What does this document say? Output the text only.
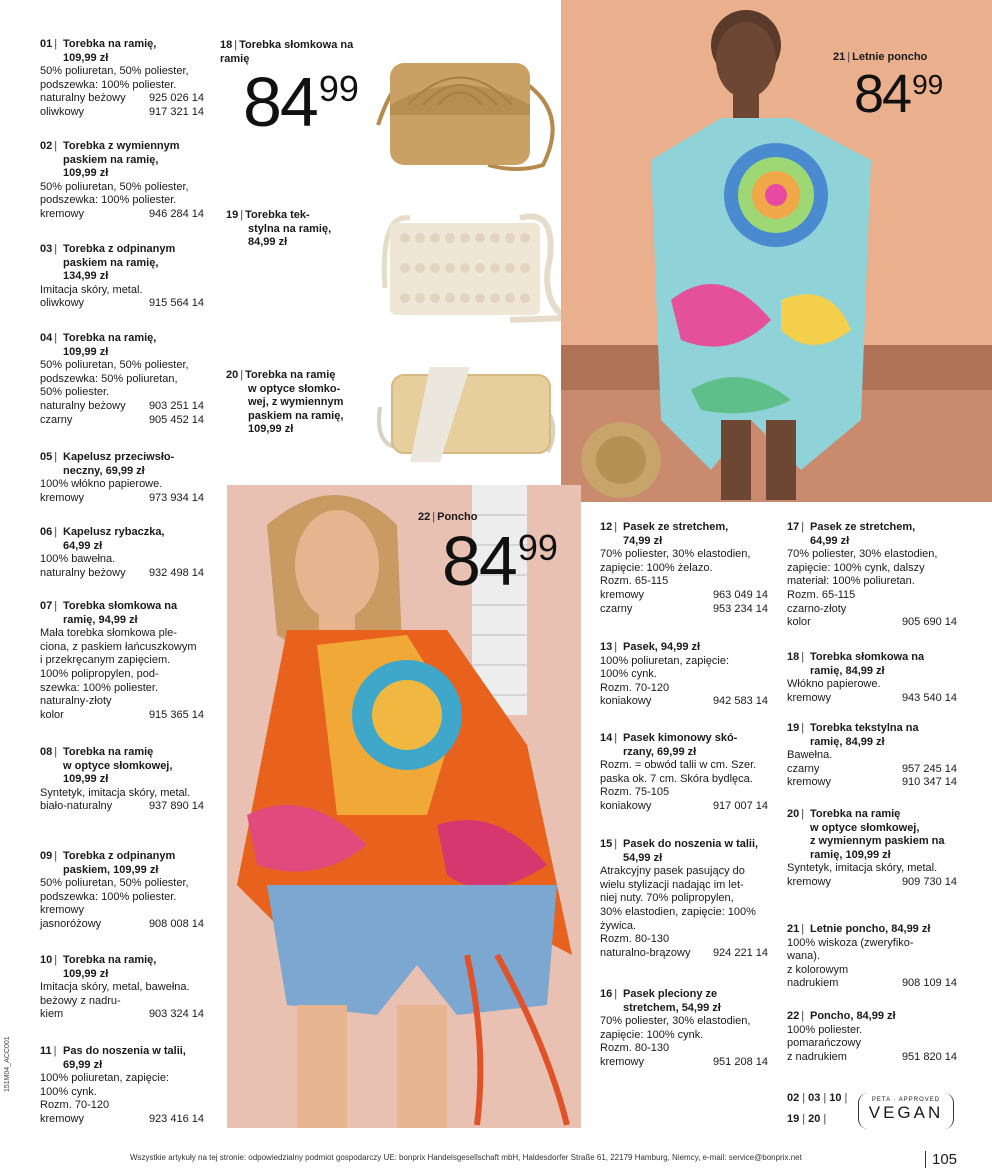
01 | Torebka na ramię,
109,99 zł
50% poliuretan, 50% poliester,
podszewka: 100% poliester.
naturalny beżowy	925 026 14
oliwkowy	917 321 14
02 | Torebka z wymiennym
paskiem na ramię,
109,99 zł
50% poliuretan, 50% poliester,
podszewka: 100% poliester.
kremowy	946 284 14
03 | Torebka z odpinanym
paskiem na ramię,
134,99 zł
Imitacja skóry, metal.
oliwkowy	915 564 14
04 | Torebka na ramię,
109,99 zł
50% poliuretan, 50% poliester,
podszewka: 50% poliuretan,
50% poliester.
naturalny beżowy	903 251 14
czarny	905 452 14
05 | Kapelusz przeciwsło-
neczny, 69,99 zł
100% włókno papierowe.
kremowy	973 934 14
06 | Kapelusz rybaczka,
64,99 zł
100% bawełna.
naturalny beżowy	932 498 14
07 | Torebka słomkowa na
ramię, 94,99 zł
Mała torebka słomkowa ple-
ciona, z paskiem łańcuszkowym
i przekręcanym zapięciem.
100% polipropylen, pod-
szewka: 100% poliester.
naturalny-złoty
kolor	915 365 14
08 | Torebka na ramię
w optyce słomkowej,
109,99 zł
Syntetyk, imitacja skóry, metal.

biało-naturalny	937 890 14
09 | Torebka z odpinanym
paskiem, 109,99 zł
50% poliuretan, 50% poliester,
podszewka: 100% poliester.
kremowy
jasnoróżowy	908 008 14
10 | Torebka na ramię,
109,99 zł
Imitacja skóry, metal, bawełna.
beżowy z nadru-
kiem	903 324 14
11 |	Pas do noszenia w talii,
69,99 zł
100% poliuretan, zapięcie:
100% cynk.
Rozm. 70-120
kremowy	923 416 14
12 | Pasek ze stretchem,
74,99 zł
70% poliester, 30% elastodien,
zapięcie: 100% żelazo.
Rozm. 65-115
kremowy	963 049 14
czarny	953 234 14
13 | Pasek, 94,99 zł
100% poliuretan, zapięcie:
100% cynk.
Rozm. 70-120
koniakowy	942 583 14
14 | Pasek kimonowy skó-
rzany, 69,99 zł
Rozm. = obwód talii w cm. Szer.
paska ok. 7 cm. Skóra bydlęca.
Rozm. 75-105
koniakowy	917 007 14
15 | Pasek do noszenia w talii,
54,99 zł
Atrakcyjny pasek pasujący do
wielu stylizacji nadając im let-
niej nuty. 70% polipropylen,
30% elastodien, zapięcie: 100%
żywica.
Rozm. 80-130
naturalno-brązowy	924 221 14
16 | Pasek pleciony ze
stretchem, 54,99 zł
70% poliester, 30% elastodien,
zapięcie: 100% cynk.
Rozm. 80-130
kremowy	951 208 14
17 | Pasek ze stretchem,
64,99 zł
70% poliester, 30% elastodien,
zapięcie: 100% cynk, dalszy
materiał: 100% poliuretan.
Rozm. 65-115
czarno-złoty
kolor	905 690 14
18 | Torebka słomkowa na
ramię, 84,99 zł
Włókno papierowe.
kremowy	943 540 14
19 | Torebka tekstylna na
ramię, 84,99 zł
Bawełna.
czarny	957 245 14
kremowy	910 347 14
20 | Torebka na ramię
w optyce słomkowej,
z wymiennym paskiem na
ramię, 109,99 zł
Syntetyk, imitacja skóry, metal.

kremowy	909 730 14
21 | Letnie poncho, 84,99 zł
100% wiskoza (zweryfiko-
wana).
z kolorowym
nadrukiem	908 109 14
22 | Poncho, 84,99 zł
100% poliester.
pomarańczowy
z nadrukiem	951 820 14
18 | Torebka słomkowa na
ramię
8499
19 | Torebka tek-
stylna na ramię,
84,99 zł
20 | Torebka na ramię
w optyce słomko-
wej, z wymiennym
paskiem na ramię,
109,99 zł
21 | Letnie poncho
8499
22 | Poncho
8499
02 | 03 | 10 |
19 | 20 |
PETA · APPROVED
VEGAN
151M04_ACC001
Wszystkie artykuły na tej stronie: odpowiedzialny podmiot gospodarczy UE: bonprix Handelsgesellschaft mbH, Haldesdorfer Straße 61, 22179 Hamburg, Niemcy, e-mail: service@bonprix.net	105
